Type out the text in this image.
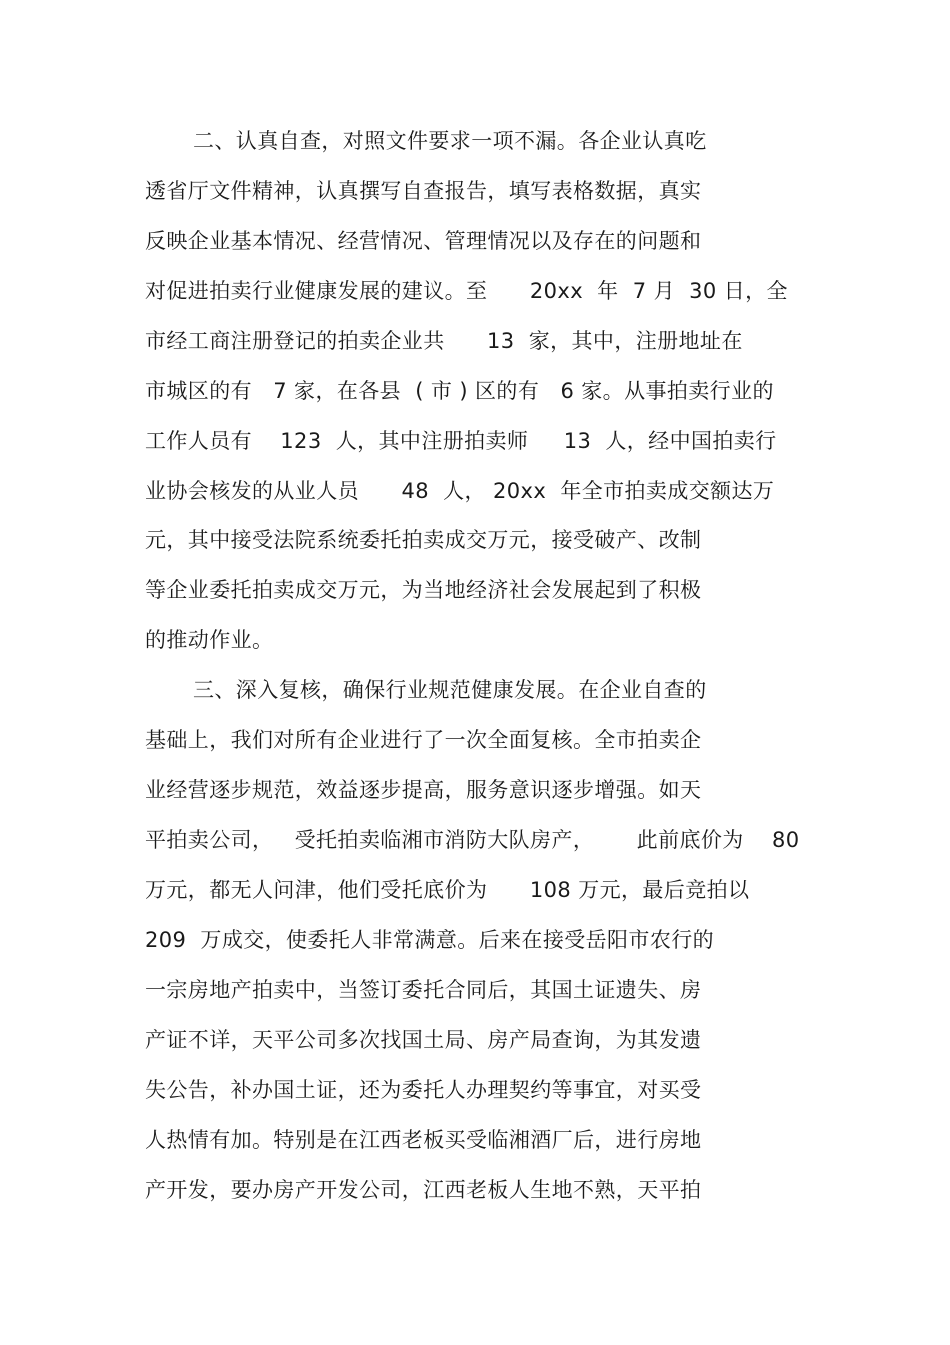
二、认真自查，对照文件要求一项不漏。各企业认真吃
透省厅文件精神，认真撰写自查报告，填写表格数据，真实
反映企业基本情况、经营情况、管理情况以及存在的问题和
对促进拍卖行业健康发展的建议。至      20xx  年  7 月  30 日，全
市经工商注册登记的拍卖企业共      13  家，其中，注册地址在
市城区的有   7 家，在各县  ( 市 ) 区的有   6 家。从事拍卖行业的
工作人员有    123  人，其中注册拍卖师     13  人，经中国拍卖行
业协会核发的从业人员      48  人， 20xx  年全市拍卖成交额达万
元，其中接受法院系统委托拍卖成交万元，接受破产、改制
等企业委托拍卖成交万元，为当地经济社会发展起到了积极
的推动作业。
三、深入复核，确保行业规范健康发展。在企业自查的
基础上，我们对所有企业进行了一次全面复核。全市拍卖企
业经营逐步规范，效益逐步提高，服务意识逐步增强。如天
平拍卖公司，   受托拍卖临湘市消防大队房产，      此前底价为    80
万元，都无人问津，他们受托底价为      108 万元，最后竞拍以
209  万成交，使委托人非常满意。后来在接受岳阳市农行的
一宗房地产拍卖中，当签订委托合同后，其国土证遗失、房
产证不详，天平公司多次找国土局、房产局查询，为其发遗
失公告，补办国土证，还为委托人办理契约等事宜，对买受
人热情有加。特别是在江西老板买受临湘酒厂后，进行房地
产开发，要办房产开发公司，江西老板人生地不熟，天平拍
